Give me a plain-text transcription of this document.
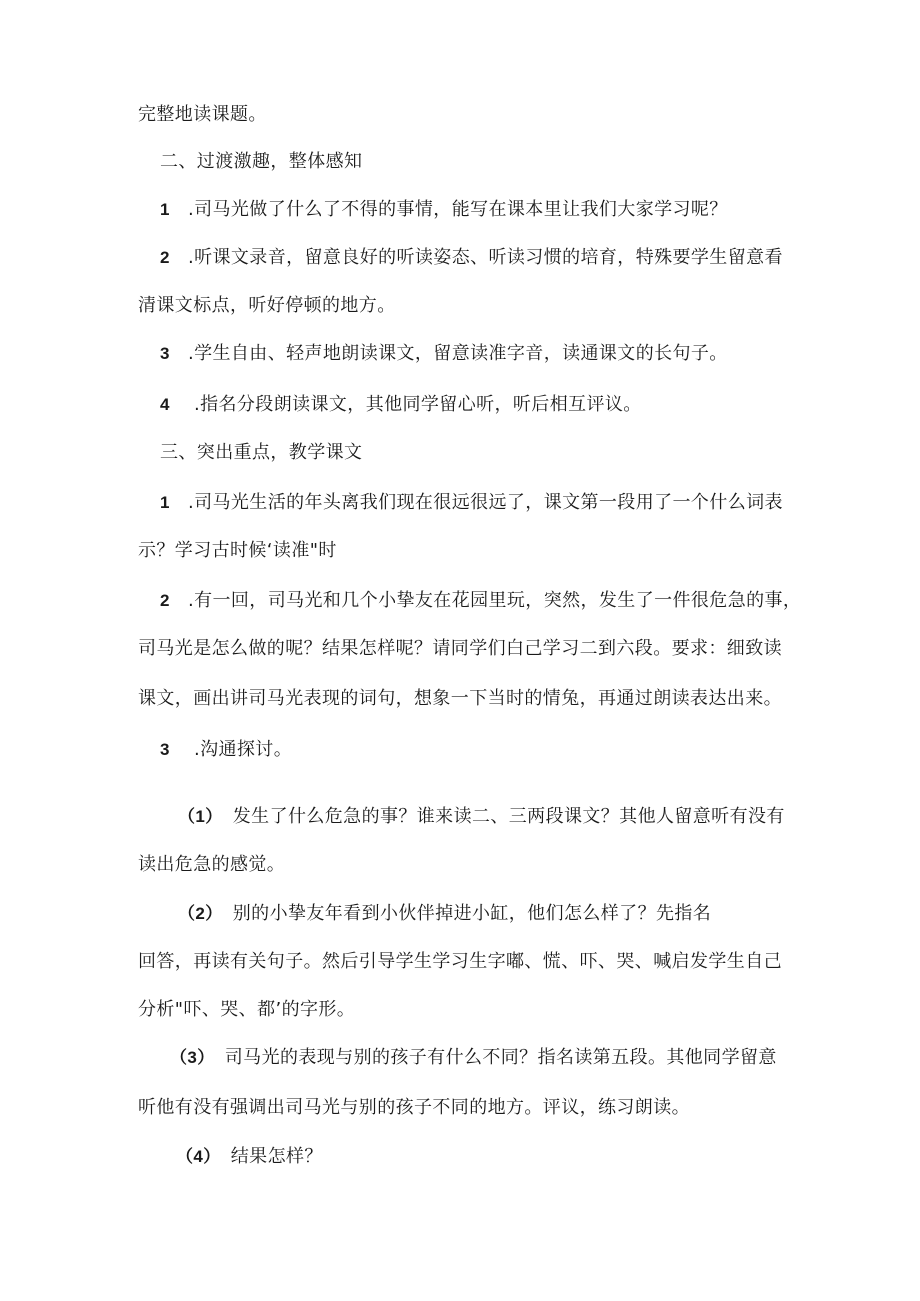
完整地读课题。
二、过渡激趣，整体感知
1 .司马光做了什么了不得的事情，能写在课本里让我们大家学习呢？
2 .听课文录音，留意良好的听读姿态、听读习惯的培育，特殊要学生留意看
清课文标点，听好停顿的地方。
3 .学生自由、轻声地朗读课文，留意读准字音，读通课文的长句子。
4 .指名分段朗读课文，其他同学留心听，听后相互评议。
三、突出重点，教学课文
1 .司马光生活的年头离我们现在很远很远了，课文第一段用了一个什么词表
示？学习古时候‘读准"时
2 .有一回，司马光和几个小挚友在花园里玩，突然，发生了一件很危急的事，
司马光是怎么做的呢？结果怎样呢？请同学们白己学习二到六段。要求：细致读
课文，画出讲司马光表现的词句，想象一下当时的情兔，再通过朗读表达出来。
3 .沟通探讨。
（1） 发生了什么危急的事？谁来读二、三两段课文？其他人留意听有没有
读出危急的感觉。
（2） 别的小挚友年看到小伙伴掉进小缸，他们怎么样了？先指名
回答，再读有关句子。然后引导学生学习生字嘟、慌、吓、哭、喊启发学生自己
分析"吓、哭、都’的字形。
（3） 司马光的表现与别的孩子有什么不同？指名读第五段。其他同学留意
听他有没有强调出司马光与别的孩子不同的地方。评议，练习朗读。
（4） 结果怎样？
